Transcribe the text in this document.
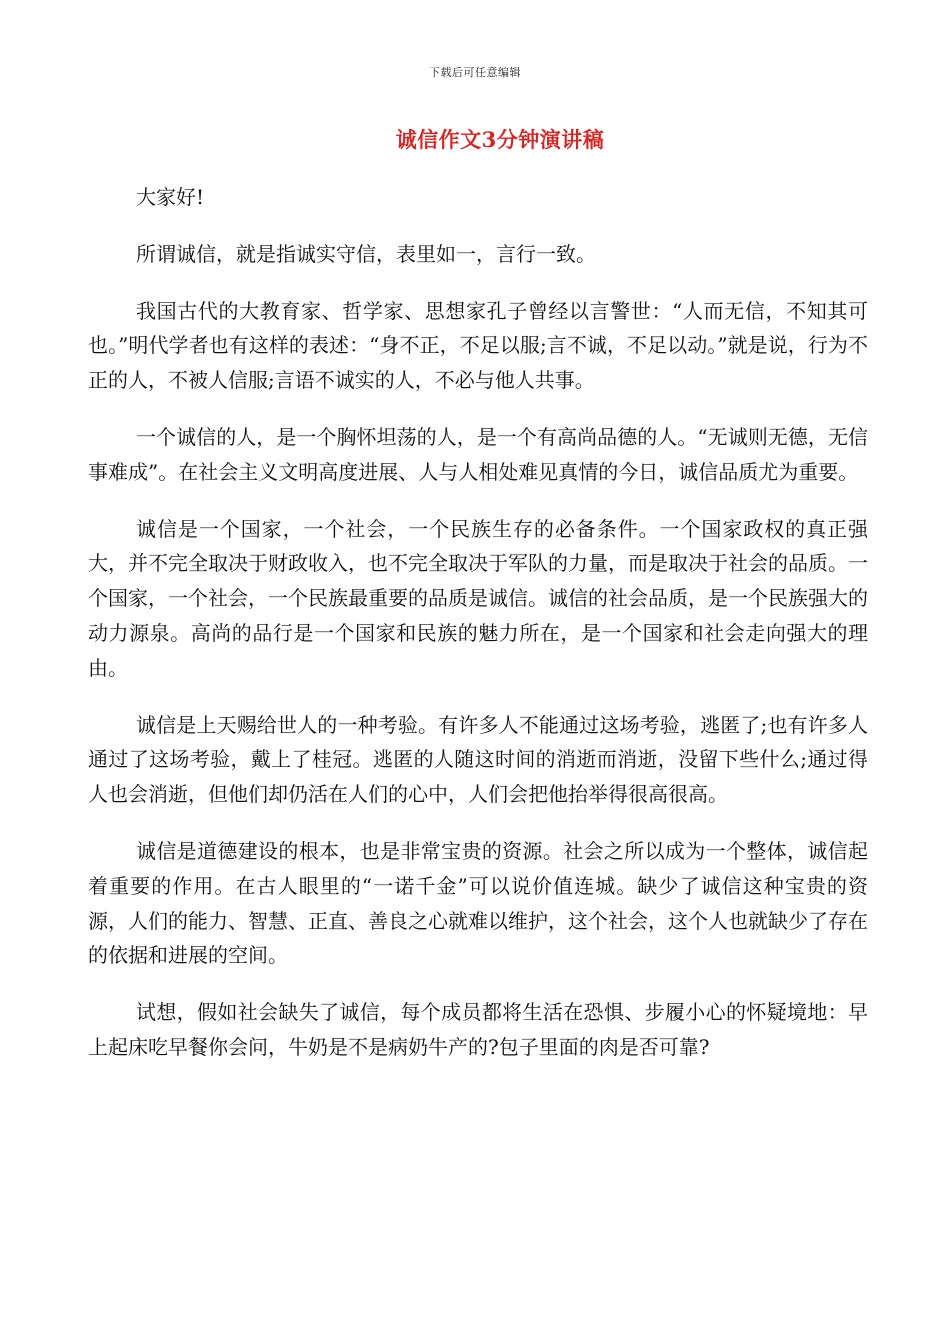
下载后可任意编辑
诚信作文3分钟演讲稿

大家好!

所谓诚信，就是指诚实守信，表里如一，言行一致。

我国古代的大教育家、哲学家、思想家孔子曾经以言警世：“人而无信，不知其可也。”明代学者也有这样的表述：“身不正，不足以服;言不诚，不足以动。”就是说，行为不正的人，不被人信服;言语不诚实的人，不必与他人共事。

一个诚信的人，是一个胸怀坦荡的人，是一个有高尚品德的人。“无诚则无德，无信事难成”。在社会主义文明高度进展、人与人相处难见真情的今日，诚信品质尤为重要。

诚信是一个国家，一个社会，一个民族生存的必备条件。一个国家政权的真正强大，并不完全取决于财政收入，也不完全取决于军队的力量，而是取决于社会的品质。一个国家，一个社会，一个民族最重要的品质是诚信。诚信的社会品质，是一个民族强大的动力源泉。高尚的品行是一个国家和民族的魅力所在，是一个国家和社会走向强大的理由。

诚信是上天赐给世人的一种考验。有许多人不能通过这场考验，逃匿了;也有许多人通过了这场考验，戴上了桂冠。逃匿的人随这时间的消逝而消逝，没留下些什么;通过得人也会消逝，但他们却仍活在人们的心中，人们会把他抬举得很高很高。

诚信是道德建设的根本，也是非常宝贵的资源。社会之所以成为一个整体，诚信起着重要的作用。在古人眼里的“一诺千金”可以说价值连城。缺少了诚信这种宝贵的资源，人们的能力、智慧、正直、善良之心就难以维护，这个社会，这个人也就缺少了存在的依据和进展的空间。

试想，假如社会缺失了诚信，每个成员都将生活在恐惧、步履小心的怀疑境地：早上起床吃早餐你会问，牛奶是不是病奶牛产的?包子里面的肉是否可靠?
